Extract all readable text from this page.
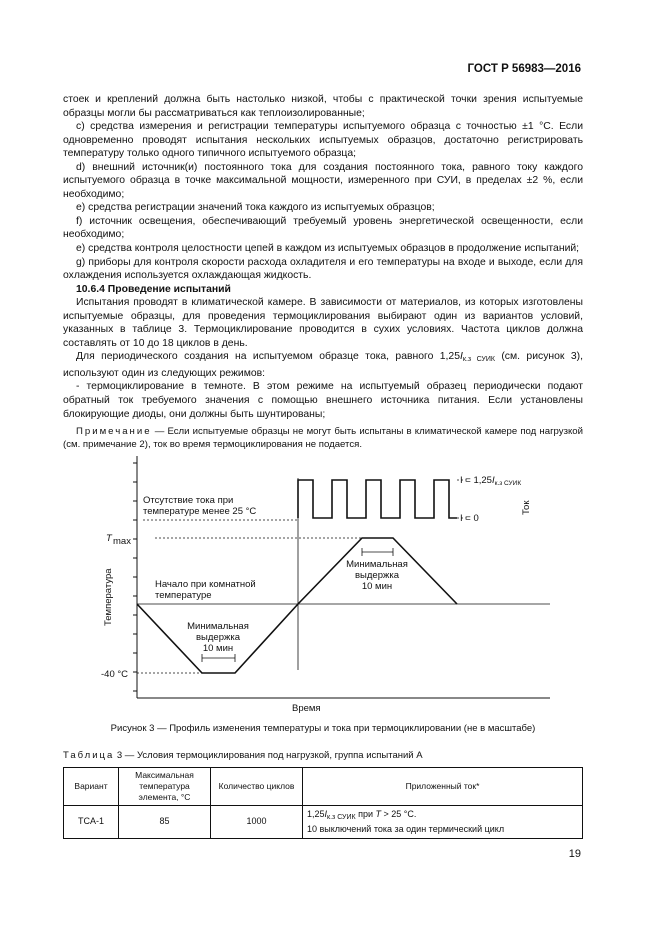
ГОСТ Р 56983—2016

стоек и креплений должна быть настолько низкой, чтобы с практической точки зрения испытуемые образцы могли бы рассматриваться как теплоизолированные;

c) средства измерения и регистрации температуры испытуемого образца с точностью ±1 °C. Если одновременно проводят испытания нескольких испытуемых образцов, достаточно регистрировать температуру только одного типичного испытуемого образца;

d) внешний источник(и) постоянного тока для создания постоянного тока, равного току каждого испытуемого образца в точке максимальной мощности, измеренного при СУИ, в пределах ±2 %, если необходимо;

e) средства регистрации значений тока каждого из испытуемых образцов;

f) источник освещения, обеспечивающий требуемый уровень энергетической освещенности, если необходимо;

e) средства контроля целостности цепей в каждом из испытуемых образцов в продолжение испытаний;

g) приборы для контроля скорости расхода охладителя и его температуры на входе и выходе, если для охлаждения используется охлаждающая жидкость.

10.6.4 Проведение испытаний

Испытания проводят в климатической камере. В зависимости от материалов, из которых изготовлены испытуемые образцы, для проведения термоциклирования выбирают один из вариантов условий, указанных в таблице 3. Термоциклирование проводится в сухих условиях. Частота циклов должна составлять от 10 до 18 циклов в день.

Для периодического создания на испытуемом образце тока, равного $1,25I_{к.з СУИК}$ (см. рисунок 3), используют один из следующих режимов:

- термоциклирование в темноте. В этом режиме на испытуемый образец периодически подают обратный ток требуемого значения с помощью внешнего источника питания. Если установлены блокирующие диоды, они должны быть шунтированы;

Примечание — Если испытуемые образцы не могут быть испытаны в климатической камере под нагрузкой (см. примечание 2), ток во время термоциклирования не подается.

Отсутствие тока при
температуре менее 25 °C
T max
Начало при комнатной
температуре
Минимальная
выдержка
10 мин
Минимальная
выдержка
10 мин
-40 °C
Температура
Время
Ток
$I = 1,25I_{к.з СУИК}$
I = 0
Рисунок 3 — Профиль изменения температуры и тока при термоциклировании (не в масштабе)
Таблица 3 — Условия термоциклирования под нагрузкой, группа испытаний А
Вариант	Максимальная температура элемента, °C	Количество циклов	Приложенный ток*
TCA-1	85	1000	$1,25I_{к.з СУИК}$ при T > 25 °C.
10 выключений тока за один термический цикл
19
